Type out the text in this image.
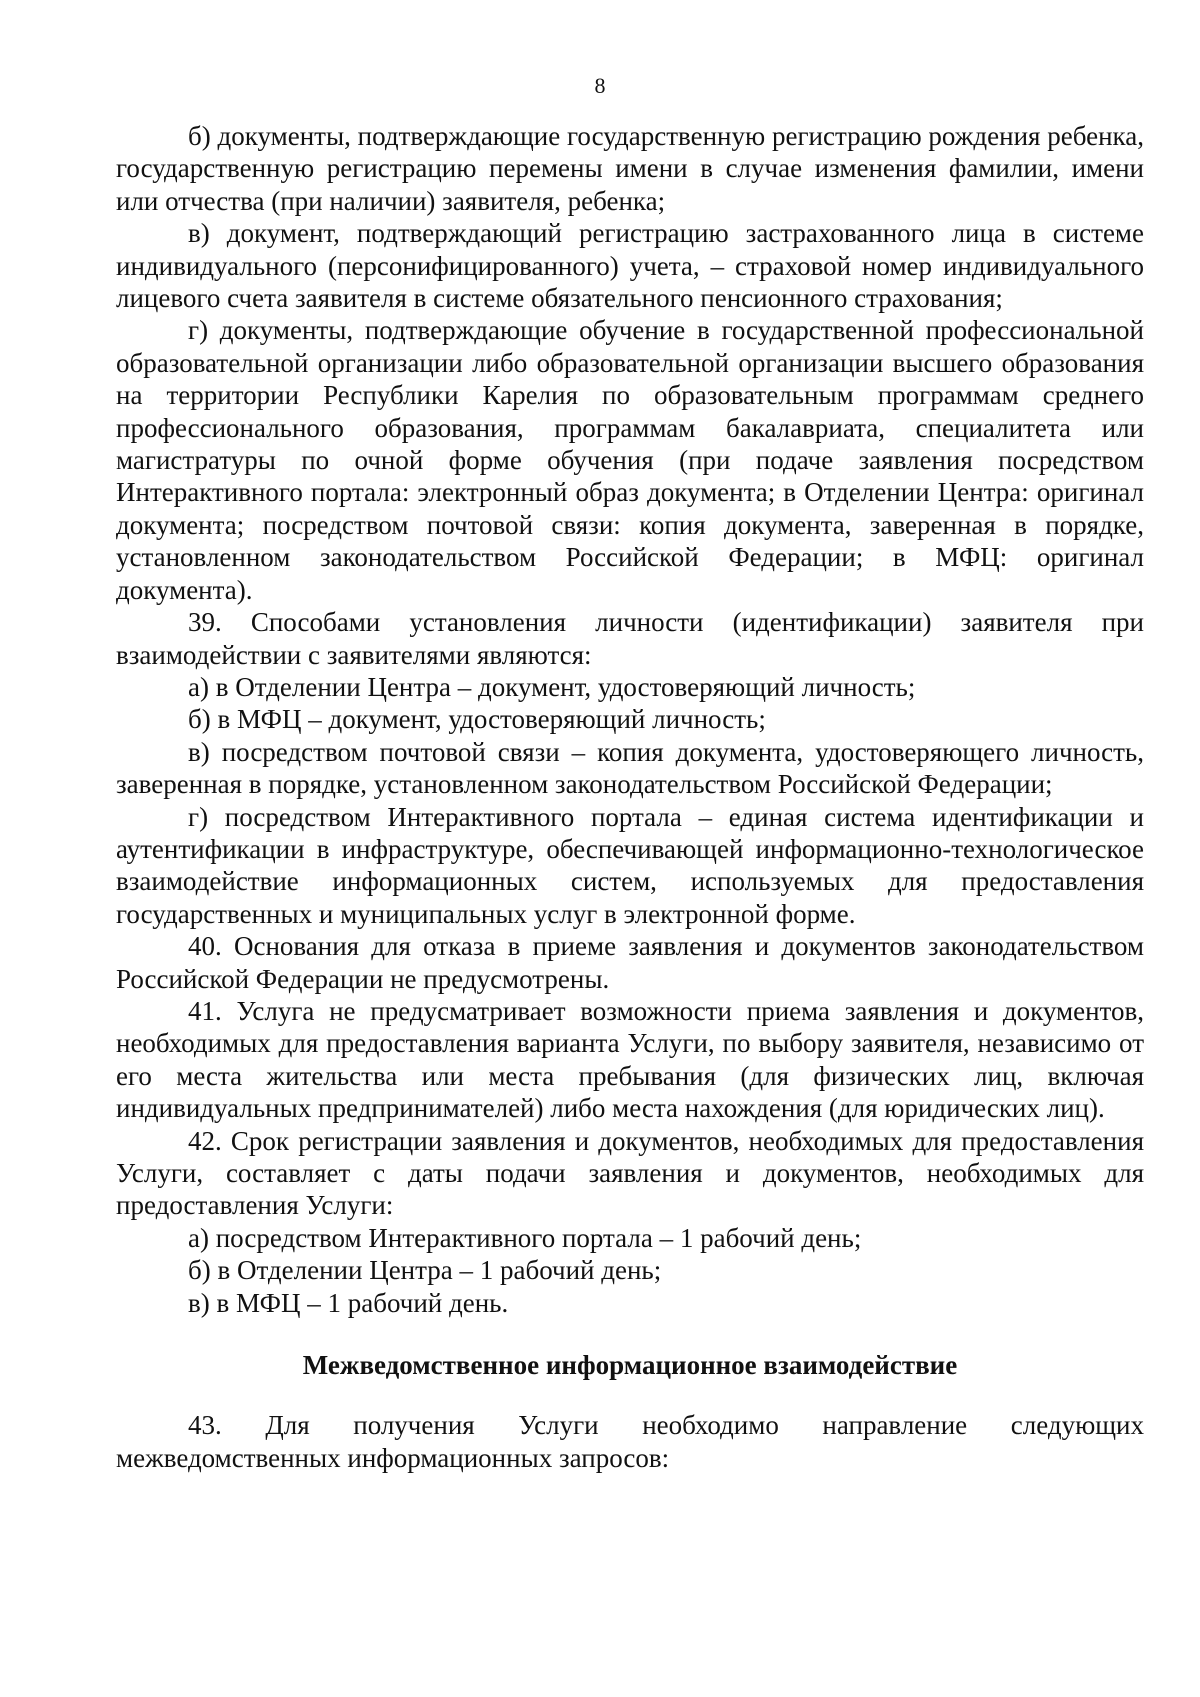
8

б) документы, подтверждающие государственную регистрацию рождения ребенка, государственную регистрацию перемены имени в случае изменения фамилии, имени или отчества (при наличии) заявителя, ребенка;

в) документ, подтверждающий регистрацию застрахованного лица в системе индивидуального (персонифицированного) учета, – страховой номер индивидуального лицевого счета заявителя в системе обязательного пенсионного страхования;

г) документы, подтверждающие обучение в государственной профессиональной образовательной организации либо образовательной организации высшего образования на территории Республики Карелия по образовательным программам среднего профессионального образования, программам бакалавриата, специалитета или магистратуры по очной форме обучения (при подаче заявления посредством Интерактивного портала: электронный образ документа; в Отделении Центра: оригинал документа; посредством почтовой связи: копия документа, заверенная в порядке, установленном законодательством Российской Федерации; в МФЦ: оригинал документа).

39. Способами установления личности (идентификации) заявителя при взаимодействии с заявителями являются:

а) в Отделении Центра – документ, удостоверяющий личность;

б) в МФЦ – документ, удостоверяющий личность;

в) посредством почтовой связи – копия документа, удостоверяющего личность, заверенная в порядке, установленном законодательством Российской Федерации;

г) посредством Интерактивного портала – единая система идентификации и аутентификации в инфраструктуре, обеспечивающей информационно-технологическое взаимодействие информационных систем, используемых для предоставления государственных и муниципальных услуг в электронной форме.

40. Основания для отказа в приеме заявления и документов законодательством Российской Федерации не предусмотрены.

41. Услуга не предусматривает возможности приема заявления и документов, необходимых для предоставления варианта Услуги, по выбору заявителя, независимо от его места жительства или места пребывания (для физических лиц, включая индивидуальных предпринимателей) либо места нахождения (для юридических лиц).

42. Срок регистрации заявления и документов, необходимых для предоставления Услуги, составляет с даты подачи заявления и документов, необходимых для предоставления Услуги:

а) посредством Интерактивного портала – 1 рабочий день;

б) в Отделении Центра – 1 рабочий день;

в) в МФЦ – 1 рабочий день.

Межведомственное информационное взаимодействие

43. Для получения Услуги необходимо направление следующих межведомственных информационных запросов:
